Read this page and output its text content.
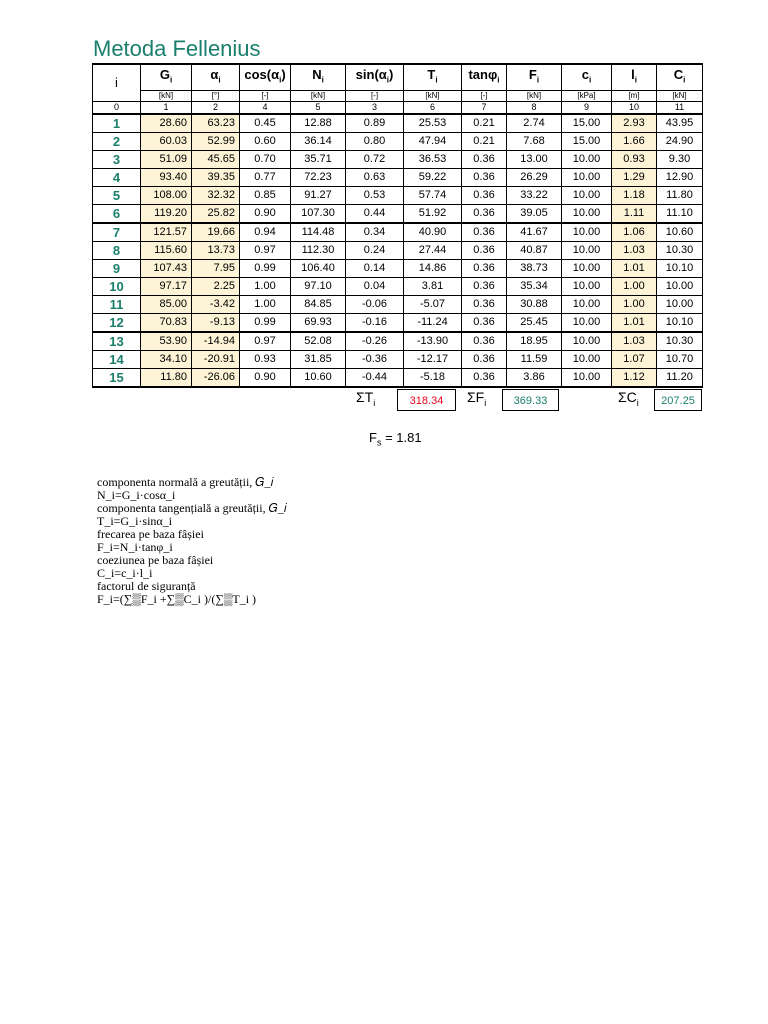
Metoda Fellenius
i	$G_i$	$\alpha_i$	$\cos(\alpha_i)$	$N_i$	$\sin(\alpha_i)$	$T_i$	tanφ$_i$	$F_i$	$c_i$	$l_i$	$C_i$
	[kN]	[°]	[-]	[kN]	[-]	[kN]	[-]	[kN]	[kPa]	[m]	[kN]
0	1	2	4	5	3	6	7	8	9	10	11
1	28.60	63.23	0.45	12.88	0.89	25.53	0.21	2.74	15.00	2.93	43.95
2	60.03	52.99	0.60	36.14	0.80	47.94	0.21	7.68	15.00	1.66	24.90
3	51.09	45.65	0.70	35.71	0.72	36.53	0.36	13.00	10.00	0.93	9.30
4	93.40	39.35	0.77	72.23	0.63	59.22	0.36	26.29	10.00	1.29	12.90
5	108.00	32.32	0.85	91.27	0.53	57.74	0.36	33.22	10.00	1.18	11.80
6	119.20	25.82	0.90	107.30	0.44	51.92	0.36	39.05	10.00	1.11	11.10
7	121.57	19.66	0.94	114.48	0.34	40.90	0.36	41.67	10.00	1.06	10.60
8	115.60	13.73	0.97	112.30	0.24	27.44	0.36	40.87	10.00	1.03	10.30
9	107.43	7.95	0.99	106.40	0.14	14.86	0.36	38.73	10.00	1.01	10.10
10	97.17	2.25	1.00	97.10	0.04	3.81	0.36	35.34	10.00	1.00	10.00
11	85.00	-3.42	1.00	84.85	-0.06	-5.07	0.36	30.88	10.00	1.00	10.00
12	70.83	-9.13	0.99	69.93	-0.16	-11.24	0.36	25.45	10.00	1.01	10.10
13	53.90	-14.94	0.97	52.08	-0.26	-13.90	0.36	18.95	10.00	1.03	10.30
14	34.10	-20.91	0.93	31.85	-0.36	-12.17	0.36	11.59	10.00	1.07	10.70
15	11.80	-26.06	0.90	10.60	-0.44	-5.18	0.36	3.86	10.00	1.12	11.20
$\Sigma T_i$	318.34	$\Sigma F_i$	369.33	$\Sigma C_i$	207.25
$F_s = 1.81$
componenta normală a greutății, 𝐺_𝑖
N_i=G_i·cosα_i
componenta tangențială a greutății, 𝐺_𝑖
T_i=G_i·sinα_i
frecarea pe baza fâșiei
F_i=N_i·tanφ_i
coeziunea pe baza fâșiei
C_i=c_i·l_i
factorul de siguranță
F_i=(∑▒F_i +∑▒C_i )/(∑▒T_i )
